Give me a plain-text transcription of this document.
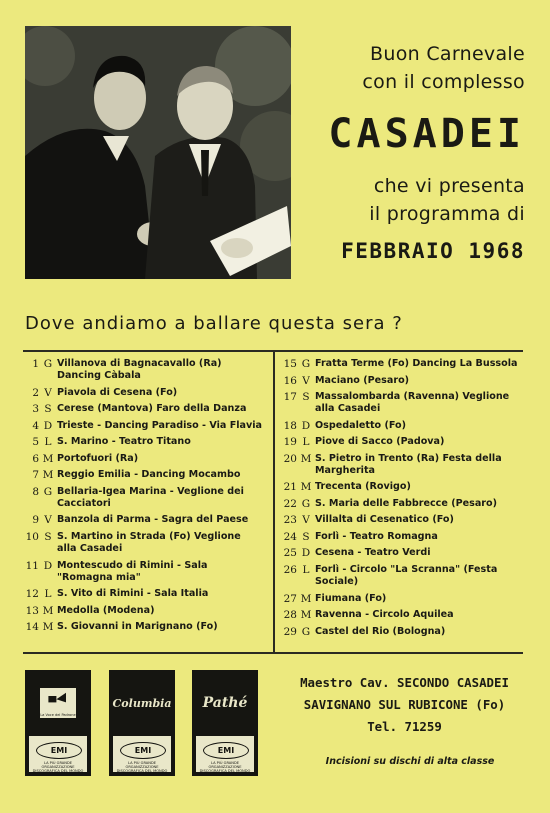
Buon Carnevale
con il complesso
CASADEI
che vi presenta
il programma di
FEBBRAIO 1968
Dove andiamo a ballare questa sera ?
1 G Villanova di Bagnacavallo (Ra) Dancing Càbala
2 V Piavola di Cesena (Fo)
3 S Cerese (Mantova) Faro della Danza
4 D Trieste - Dancing Paradiso - Via Flavia
5 L S. Marino - Teatro Titano
6 M Portofuori (Ra)
7 M Reggio Emilia - Dancing Mocambo
8 G Bellaria-Igea Marina - Veglione dei Cacciatori
9 V Banzola di Parma - Sagra del Paese
10 S S. Martino in Strada (Fo) Veglione alla Casadei
11 D Montescudo di Rimini - Sala "Romagna mia"
12 L S. Vito di Rimini - Sala Italia
13 M Medolla (Modena)
14 M S. Giovanni in Marignano (Fo)
15 G Fratta Terme (Fo) Dancing La Bussola
16 V Maciano (Pesaro)
17 S Massalombarda (Ravenna) Veglione alla Casadei
18 D Ospedaletto (Fo)
19 L Piove di Sacco (Padova)
20 M S. Pietro in Trento (Ra) Festa della Margherita
21 M Trecenta (Rovigo)
22 G S. Maria delle Fabbrecce (Pesaro)
23 V Villalta di Cesenatico (Fo)
24 S Forlì - Teatro Romagna
25 D Cesena - Teatro Verdi
26 L Forlì - Circolo "La Scranna" (Festa Sociale)
27 M Fiumana (Fo)
28 M Ravenna - Circolo Aquilea
29 G Castel del Rio (Bologna)
La Voce del Padrone
EMI
LA PIÙ GRANDE ORGANIZZAZIONE DISCOGRAFICA DEL MONDO
Columbia
EMI
LA PIÙ GRANDE ORGANIZZAZIONE DISCOGRAFICA DEL MONDO
Pathé
EMI
LA PIÙ GRANDE ORGANIZZAZIONE DISCOGRAFICA DEL MONDO
Maestro Cav. SECONDO CASADEI
SAVIGNANO SUL RUBICONE (Fo)
Tel. 71259
Incisioni su dischi di alta classe
